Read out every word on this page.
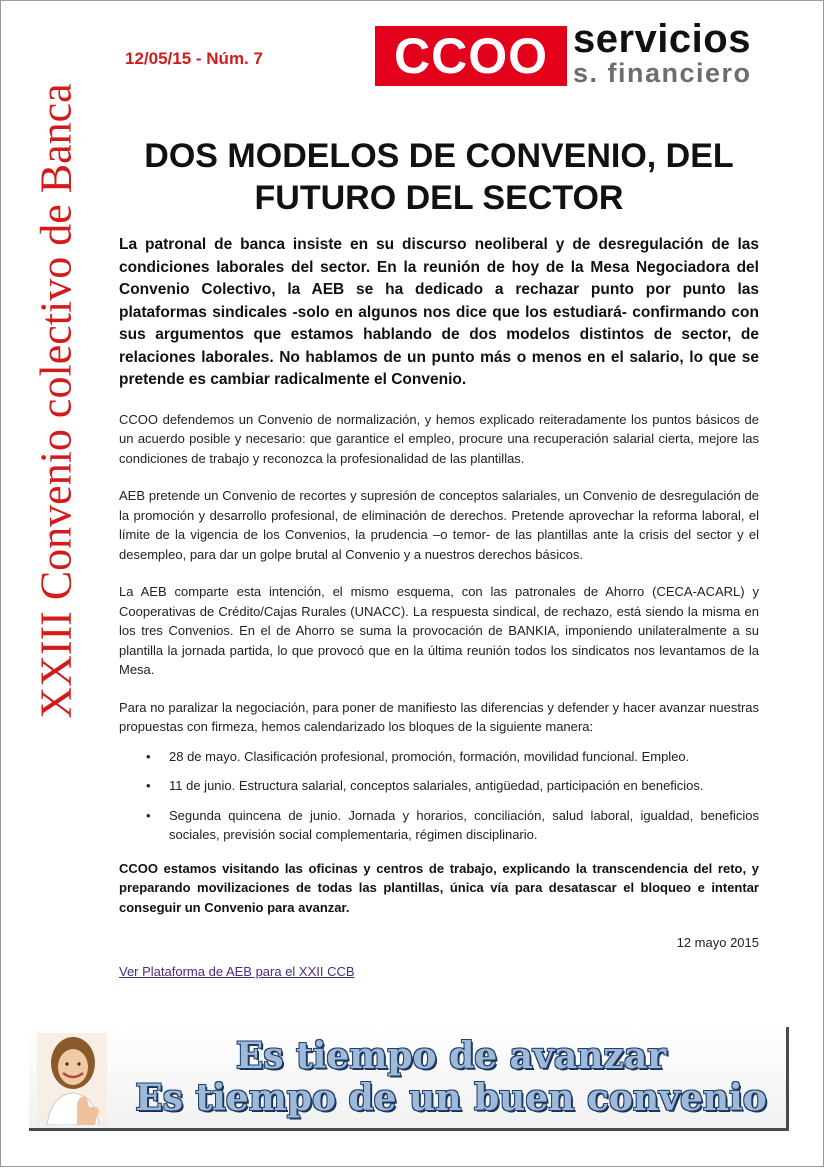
XXIII Convenio colectivo de Banca
12/05/15 - Núm. 7	CCOO servicios
s. financiero
DOS MODELOS DE CONVENIO, DEL
FUTURO DEL SECTOR

La patronal de banca insiste en su discurso neoliberal y de desregulación de las condiciones laborales del sector. En la reunión de hoy de la Mesa Negociadora del Convenio Colectivo, la AEB se ha dedicado a rechazar punto por punto las plataformas sindicales -solo en algunos nos dice que los estudiará- confirmando con sus argumentos que estamos hablando de dos modelos distintos de sector, de relaciones laborales. No hablamos de un punto más o menos en el salario, lo que se pretende es cambiar radicalmente el Convenio.

CCOO defendemos un Convenio de normalización, y hemos explicado reiteradamente los puntos básicos de un acuerdo posible y necesario: que garantice el empleo, procure una recuperación salarial cierta, mejore las condiciones de trabajo y reconozca la profesionalidad de las plantillas.

AEB pretende un Convenio de recortes y supresión de conceptos salariales, un Convenio de desregulación de la promoción y desarrollo profesional, de eliminación de derechos. Pretende aprovechar la reforma laboral, el límite de la vigencia de los Convenios, la prudencia –o temor- de las plantillas ante la crisis del sector y el desempleo, para dar un golpe brutal al Convenio y a nuestros derechos básicos.

La AEB comparte esta intención, el mismo esquema, con las patronales de Ahorro (CECA-ACARL) y Cooperativas de Crédito/Cajas Rurales (UNACC). La respuesta sindical, de rechazo, está siendo la misma en los tres Convenios. En el de Ahorro se suma la provocación de BANKIA, imponiendo unilateralmente a su plantilla la jornada partida, lo que provocó que en la última reunión todos los sindicatos nos levantamos de la Mesa.

Para no paralizar la negociación, para poner de manifiesto las diferencias y defender y hacer avanzar nuestras propuestas con firmeza, hemos calendarizado los bloques de la siguiente manera:

• 28 de mayo. Clasificación profesional, promoción, formación, movilidad funcional. Empleo.
• 11 de junio. Estructura salarial, conceptos salariales, antigüedad, participación en beneficios.
• Segunda quincena de junio. Jornada y horarios, conciliación, salud laboral, igualdad, beneficios sociales, previsión social complementaria, régimen disciplinario.

CCOO estamos visitando las oficinas y centros de trabajo, explicando la transcendencia del reto, y preparando movilizaciones de todas las plantillas, única vía para desatascar el bloqueo e intentar conseguir un Convenio para avanzar.

12 mayo 2015

Ver Plataforma de AEB para el XXII CCB
Es tiempo de avanzar
Es tiempo de un buen convenio
